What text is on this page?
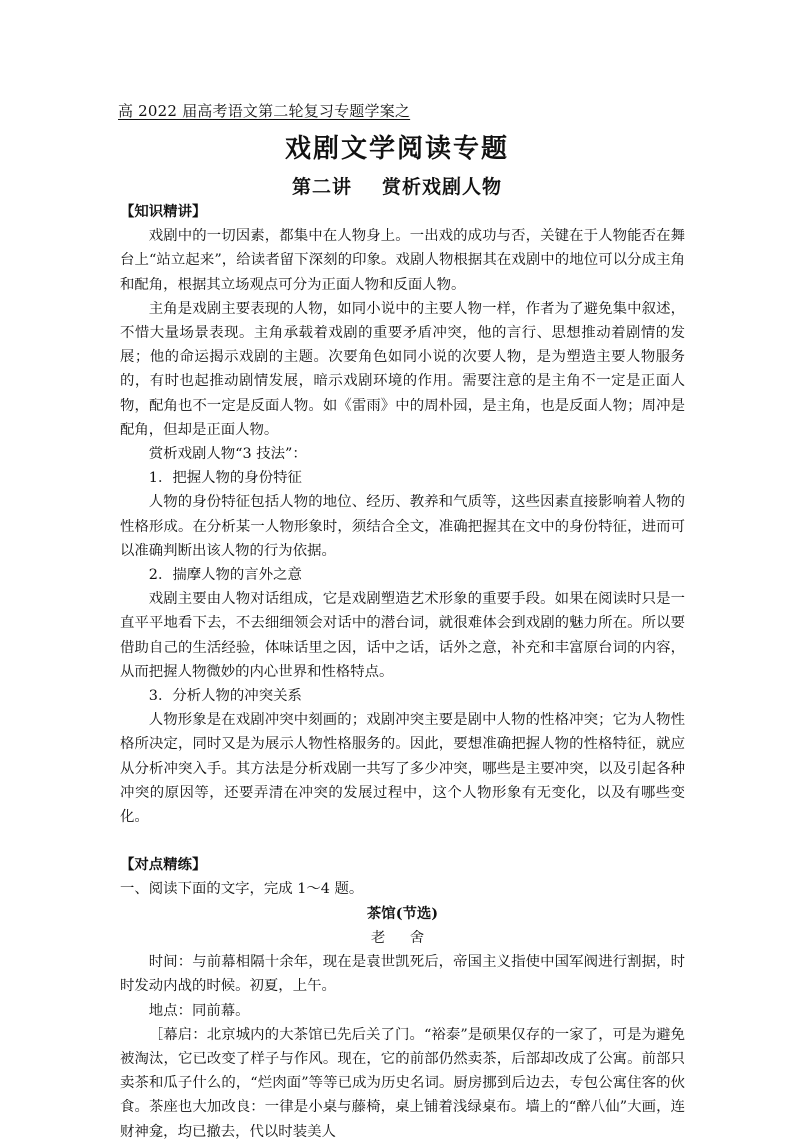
高 2022 届高考语文第二轮复习专题学案之
戏剧文学阅读专题
第二讲 赏析戏剧人物

【知识精讲】

戏剧中的一切因素，都集中在人物身上。一出戏的成功与否，关键在于人物能否在舞台上“站立起来”，给读者留下深刻的印象。戏剧人物根据其在戏剧中的地位可以分成主角和配角，根据其立场观点可分为正面人物和反面人物。

主角是戏剧主要表现的人物，如同小说中的主要人物一样，作者为了避免集中叙述，不惜大量场景表现。主角承载着戏剧的重要矛盾冲突，他的言行、思想推动着剧情的发展；他的命运揭示戏剧的主题。次要角色如同小说的次要人物，是为塑造主要人物服务的，有时也起推动剧情发展，暗示戏剧环境的作用。需要注意的是主角不一定是正面人物，配角也不一定是反面人物。如《雷雨》中的周朴园，是主角，也是反面人物；周冲是配角，但却是正面人物。

赏析戏剧人物“3 技法”：

1．把握人物的身份特征

人物的身份特征包括人物的地位、经历、教养和气质等，这些因素直接影响着人物的性格形成。在分析某一人物形象时，须结合全文，准确把握其在文中的身份特征，进而可以准确判断出该人物的行为依据。

2．揣摩人物的言外之意

戏剧主要由人物对话组成，它是戏剧塑造艺术形象的重要手段。如果在阅读时只是一直平平地看下去，不去细细领会对话中的潜台词，就很难体会到戏剧的魅力所在。所以要借助自己的生活经验，体味话里之因，话中之话，话外之意，补充和丰富原台词的内容，从而把握人物微妙的内心世界和性格特点。

3．分析人物的冲突关系

人物形象是在戏剧冲突中刻画的；戏剧冲突主要是剧中人物的性格冲突；它为人物性格所决定，同时又是为展示人物性格服务的。因此，要想准确把握人物的性格特征，就应从分析冲突入手。其方法是分析戏剧一共写了多少冲突，哪些是主要冲突，以及引起各种冲突的原因等，还要弄清在冲突的发展过程中，这个人物形象有无变化，以及有哪些变化。

【对点精练】

一、阅读下面的文字，完成 1～4 题。

茶馆(节选)

老 舍

时间：与前幕相隔十余年，现在是袁世凯死后，帝国主义指使中国军阀进行割据，时时发动内战的时候。初夏，上午。

地点：同前幕。

［幕启：北京城内的大茶馆已先后关了门。“裕泰”是硕果仅存的一家了，可是为避免被淘汰，它已改变了样子与作风。现在，它的前部仍然卖茶，后部却改成了公寓。前部只卖茶和瓜子什么的，“烂肉面”等等已成为历史名词。厨房挪到后边去，专包公寓住客的伙食。茶座也大加改良：一律是小桌与藤椅，桌上铺着浅绿桌布。墙上的“醉八仙”大画，连财神龛，均已撤去，代以时装美人
